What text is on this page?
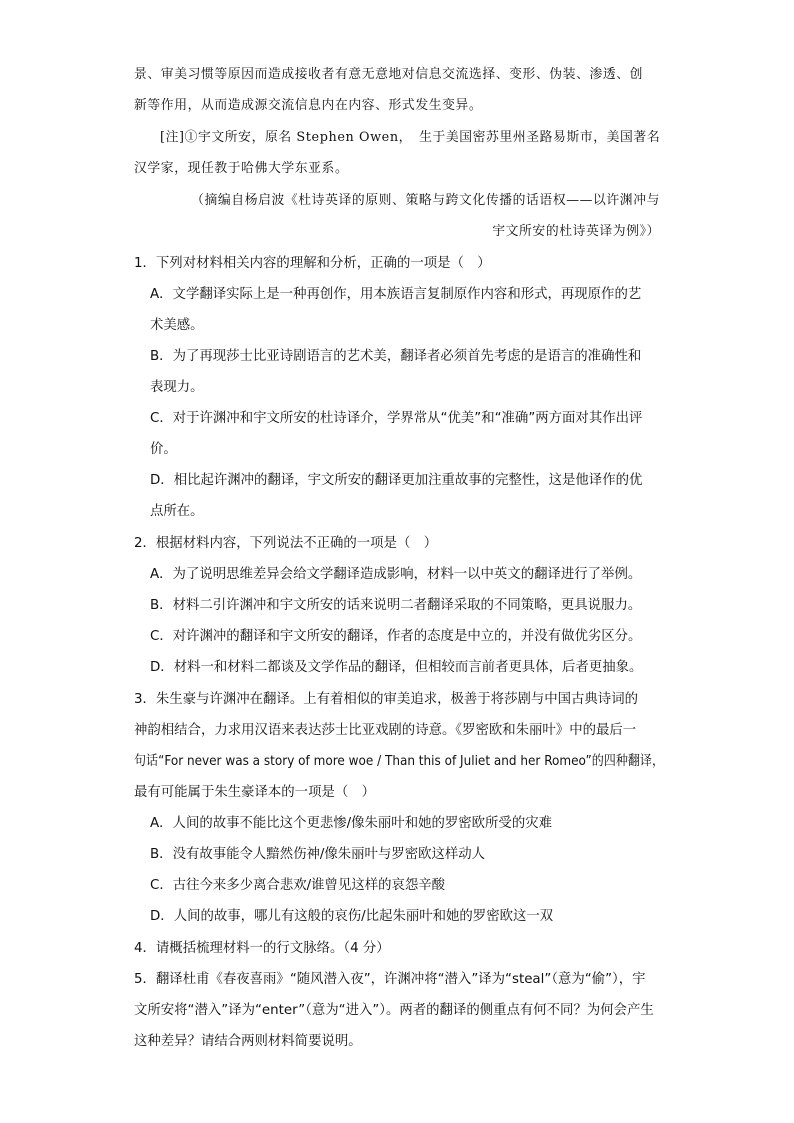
景、审美习惯等原因而造成接收者有意无意地对信息交流选择、变形、伪装、渗透、创
新等作用，从而造成源交流信息内在内容、形式发生变异。
[注]①宇文所安，原名 Stephen Owen，　生于美国密苏里州圣路易斯市，美国著名
汉学家，现任教于哈佛大学东亚系。
（摘编自杨启波《杜诗英译的原则、策略与跨文化传播的话语权——以许渊冲与
宇文所安的杜诗英译为例》）
1．下列对材料相关内容的理解和分析，正确的一项是（　）
A．文学翻译实际上是一种再创作，用本族语言复制原作内容和形式，再现原作的艺
术美感。
B．为了再现莎士比亚诗剧语言的艺术美，翻译者必须首先考虑的是语言的准确性和
表现力。
C．对于许渊冲和宇文所安的杜诗译介，学界常从“优美”和“准确”两方面对其作出评
价。
D．相比起许渊冲的翻译，宇文所安的翻译更加注重故事的完整性，这是他译作的优
点所在。
2．根据材料内容，下列说法不正确的一项是（　）
A．为了说明思维差异会给文学翻译造成影响，材料一以中英文的翻译进行了举例。
B．材料二引许渊冲和宇文所安的话来说明二者翻译采取的不同策略，更具说服力。
C．对许渊冲的翻译和宇文所安的翻译，作者的态度是中立的，并没有做优劣区分。
D．材料一和材料二都谈及文学作品的翻译，但相较而言前者更具体，后者更抽象。
3．朱生豪与许渊冲在翻译。上有着相似的审美追求，极善于将莎剧与中国古典诗词的
神韵相结合，力求用汉语来表达莎士比亚戏剧的诗意。《罗密欧和朱丽叶》中的最后一
句话“For never was a story of more woe / Than this of Juliet and her Romeo”的四种翻译，
最有可能属于朱生豪译本的一项是（　）
A．人间的故事不能比这个更悲惨/像朱丽叶和她的罗密欧所受的灾难
B．没有故事能令人黯然伤神/像朱丽叶与罗密欧这样动人
C．古往今来多少离合悲欢/谁曾见这样的哀怨辛酸
D．人间的故事，哪儿有这般的哀伤/比起朱丽叶和她的罗密欧这一双
4．请概括梳理材料一的行文脉络。（4 分）
5．翻译杜甫《春夜喜雨》“随风潜入夜”，许渊冲将“潜入”译为“steal”（意为“偷”），宇
文所安将“潜入”译为“enter”（意为“进入”）。两者的翻译的侧重点有何不同？为何会产生
这种差异？请结合两则材料简要说明。
